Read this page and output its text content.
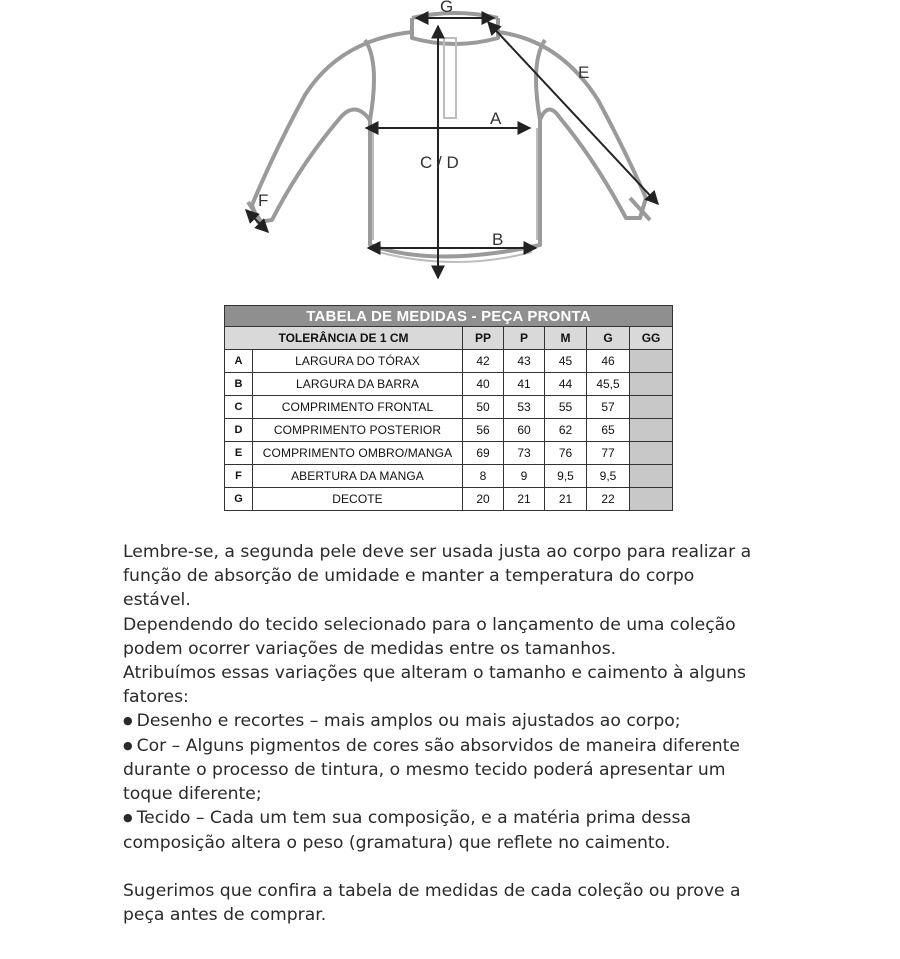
G
A
B
C / D
E
F
TABELA DE MEDIDAS - PEÇA PRONTA						
TOLERÂNCIA DE 1 CM		PP	P	M	G	GG
A	LARGURA DO TÓRAX	42	43	45	46	
B	LARGURA DA BARRA	40	41	44	45,5	
C	COMPRIMENTO FRONTAL	50	53	55	57	
D	COMPRIMENTO POSTERIOR	56	60	62	65	
E	COMPRIMENTO OMBRO/MANGA	69	73	76	77	
F	ABERTURA DA MANGA	8	9	9,5	9,5	
G	DECOTE	20	21	21	22	

Lembre-se, a segunda pele deve ser usada justa ao corpo para realizar a

função de absorção de umidade e manter a temperatura do corpo

estável.

Dependendo do tecido selecionado para o lançamento de uma coleção

podem ocorrer variações de medidas entre os tamanhos.

Atribuímos essas variações que alteram o tamanho e caimento à alguns

fatores:

● Desenho e recortes – mais amplos ou mais ajustados ao corpo;

● Cor – Alguns pigmentos de cores são absorvidos de maneira diferente

durante o processo de tintura, o mesmo tecido poderá apresentar um

toque diferente;

● Tecido – Cada um tem sua composição, e a matéria prima dessa

composição altera o peso (gramatura) que reflete no caimento.

Sugerimos que confira a tabela de medidas de cada coleção ou prove a

peça antes de comprar.
